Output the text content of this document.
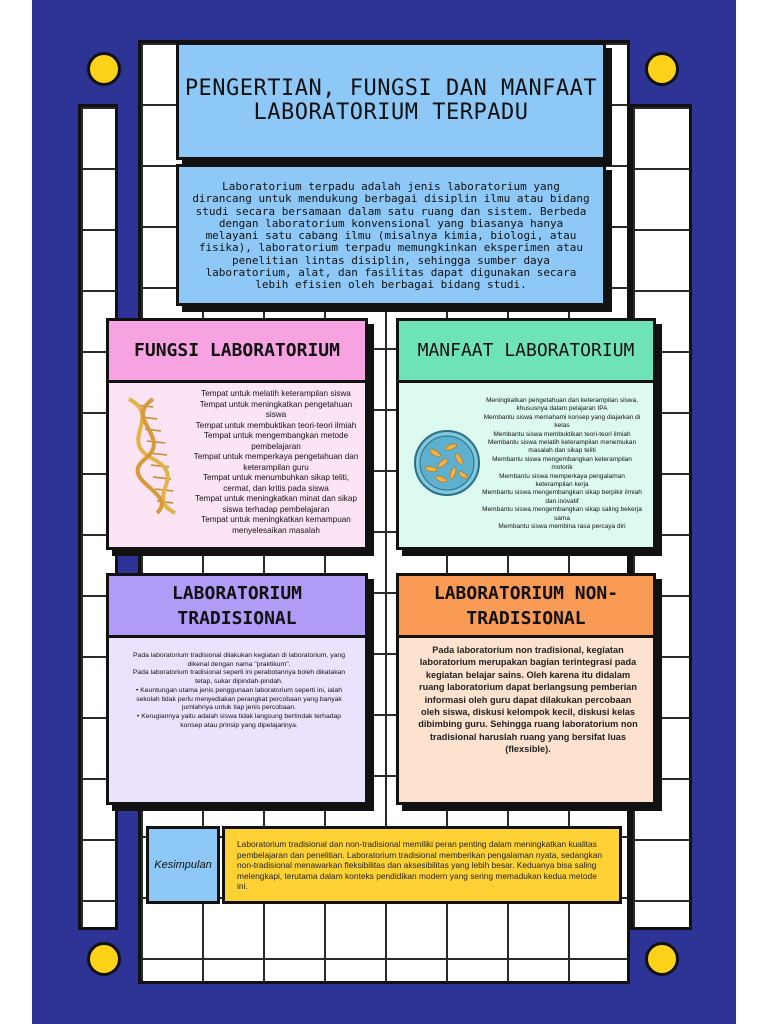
PENGERTIAN, FUNGSI DAN MANFAAT LABORATORIUM TERPADU

Laboratorium terpadu adalah jenis laboratorium yang dirancang untuk mendukung berbagai disiplin ilmu atau bidang studi secara bersamaan dalam satu ruang dan sistem. Berbeda dengan laboratorium konvensional yang biasanya hanya melayani satu cabang ilmu (misalnya kimia, biologi, atau fisika), laboratorium terpadu memungkinkan eksperimen atau penelitian lintas disiplin, sehingga sumber daya laboratorium, alat, dan fasilitas dapat digunakan secara lebih efisien oleh berbagai bidang studi.

FUNGSI LABORATORIUM
Tempat untuk melatih keterampilan siswa
Tempat untuk meningkatkan pengetahuan siswa
Tempat untuk membuktikan teori-teori ilmiah
Tempat untuk mengembangkan metode pembelajaran
Tempat untuk memperkaya pengetahuan dan keterampilan guru
Tempat untuk menumbuhkan sikap teliti, cermat, dan kritis pada siswa
Tempat untuk meningkatkan minat dan sikap siswa terhadap pembelajaran
Tempat untuk meningkatkan kemampuan menyelesaikan masalah
MANFAAT LABORATORIUM
Meningkatkan pengetahuan dan keterampilan siswa, khususnya dalam pelajaran IPA
Membantu siswa memahami konsep yang diajarkan di kelas
Membantu siswa membuktikan teori-teori ilmiah
Membantu siswa melatih keterampilan menemukan masalah dan sikap teliti
Membantu siswa mengembangkan keterampilan motorik
Membantu siswa memperkaya pengalaman keterampilan kerja
Membantu siswa mengembangkan sikap berpikir ilmiah dan inovatif
Membantu siswa mengembangkan sikap saling bekerja sama
Membantu siswa membina rasa percaya diri
LABORATORIUM TRADISIONAL
Pada laboratorium tradisional dilakukan kegiatan di laboratorium, yang dikenal dengan nama "praktikum".
Pada laboratorium tradisional seperti ini perabotannya boleh dikatakan tetap, sukar dipindah-pindah.
• Keuntungan utama jenis penggunaan laboratorium seperti ini, ialah sekolah tidak perlu menyediakan perangkat percobaan yang banyak jumlahnya untuk tiap jenis percobaan.
• Kerugiannya yaitu adalah siswa tidak langsung bertindak terhadap konsep atau prinsip yang dipelajarinya.
LABORATORIUM NON-TRADISIONAL

Pada laboratorium non tradisional, kegiatan laboratorium merupakan bagian terintegrasi pada kegiatan belajar sains. Oleh karena itu didalam ruang laboratorium dapat berlangsung pemberian informasi oleh guru dapat dilakukan percobaan oleh siswa, diskusi kelompok kecil, diskusi kelas dibimbing guru. Sehingga ruang laboratorium non tradisional haruslah ruang yang bersifat luas (flexsible).

Kesimpulan

Laboratorium tradisional dan non-tradisional memiliki peran penting dalam meningkatkan kualitas pembelajaran dan penelitian. Laboratorium tradisional memberikan pengalaman nyata, sedangkan non-tradisional menawarkan fleksibilitas dan aksesibilitas yang lebih besar. Keduanya bisa saling melengkapi, terutama dalam konteks pendidikan modern yang sering memadukan kedua metode ini.
